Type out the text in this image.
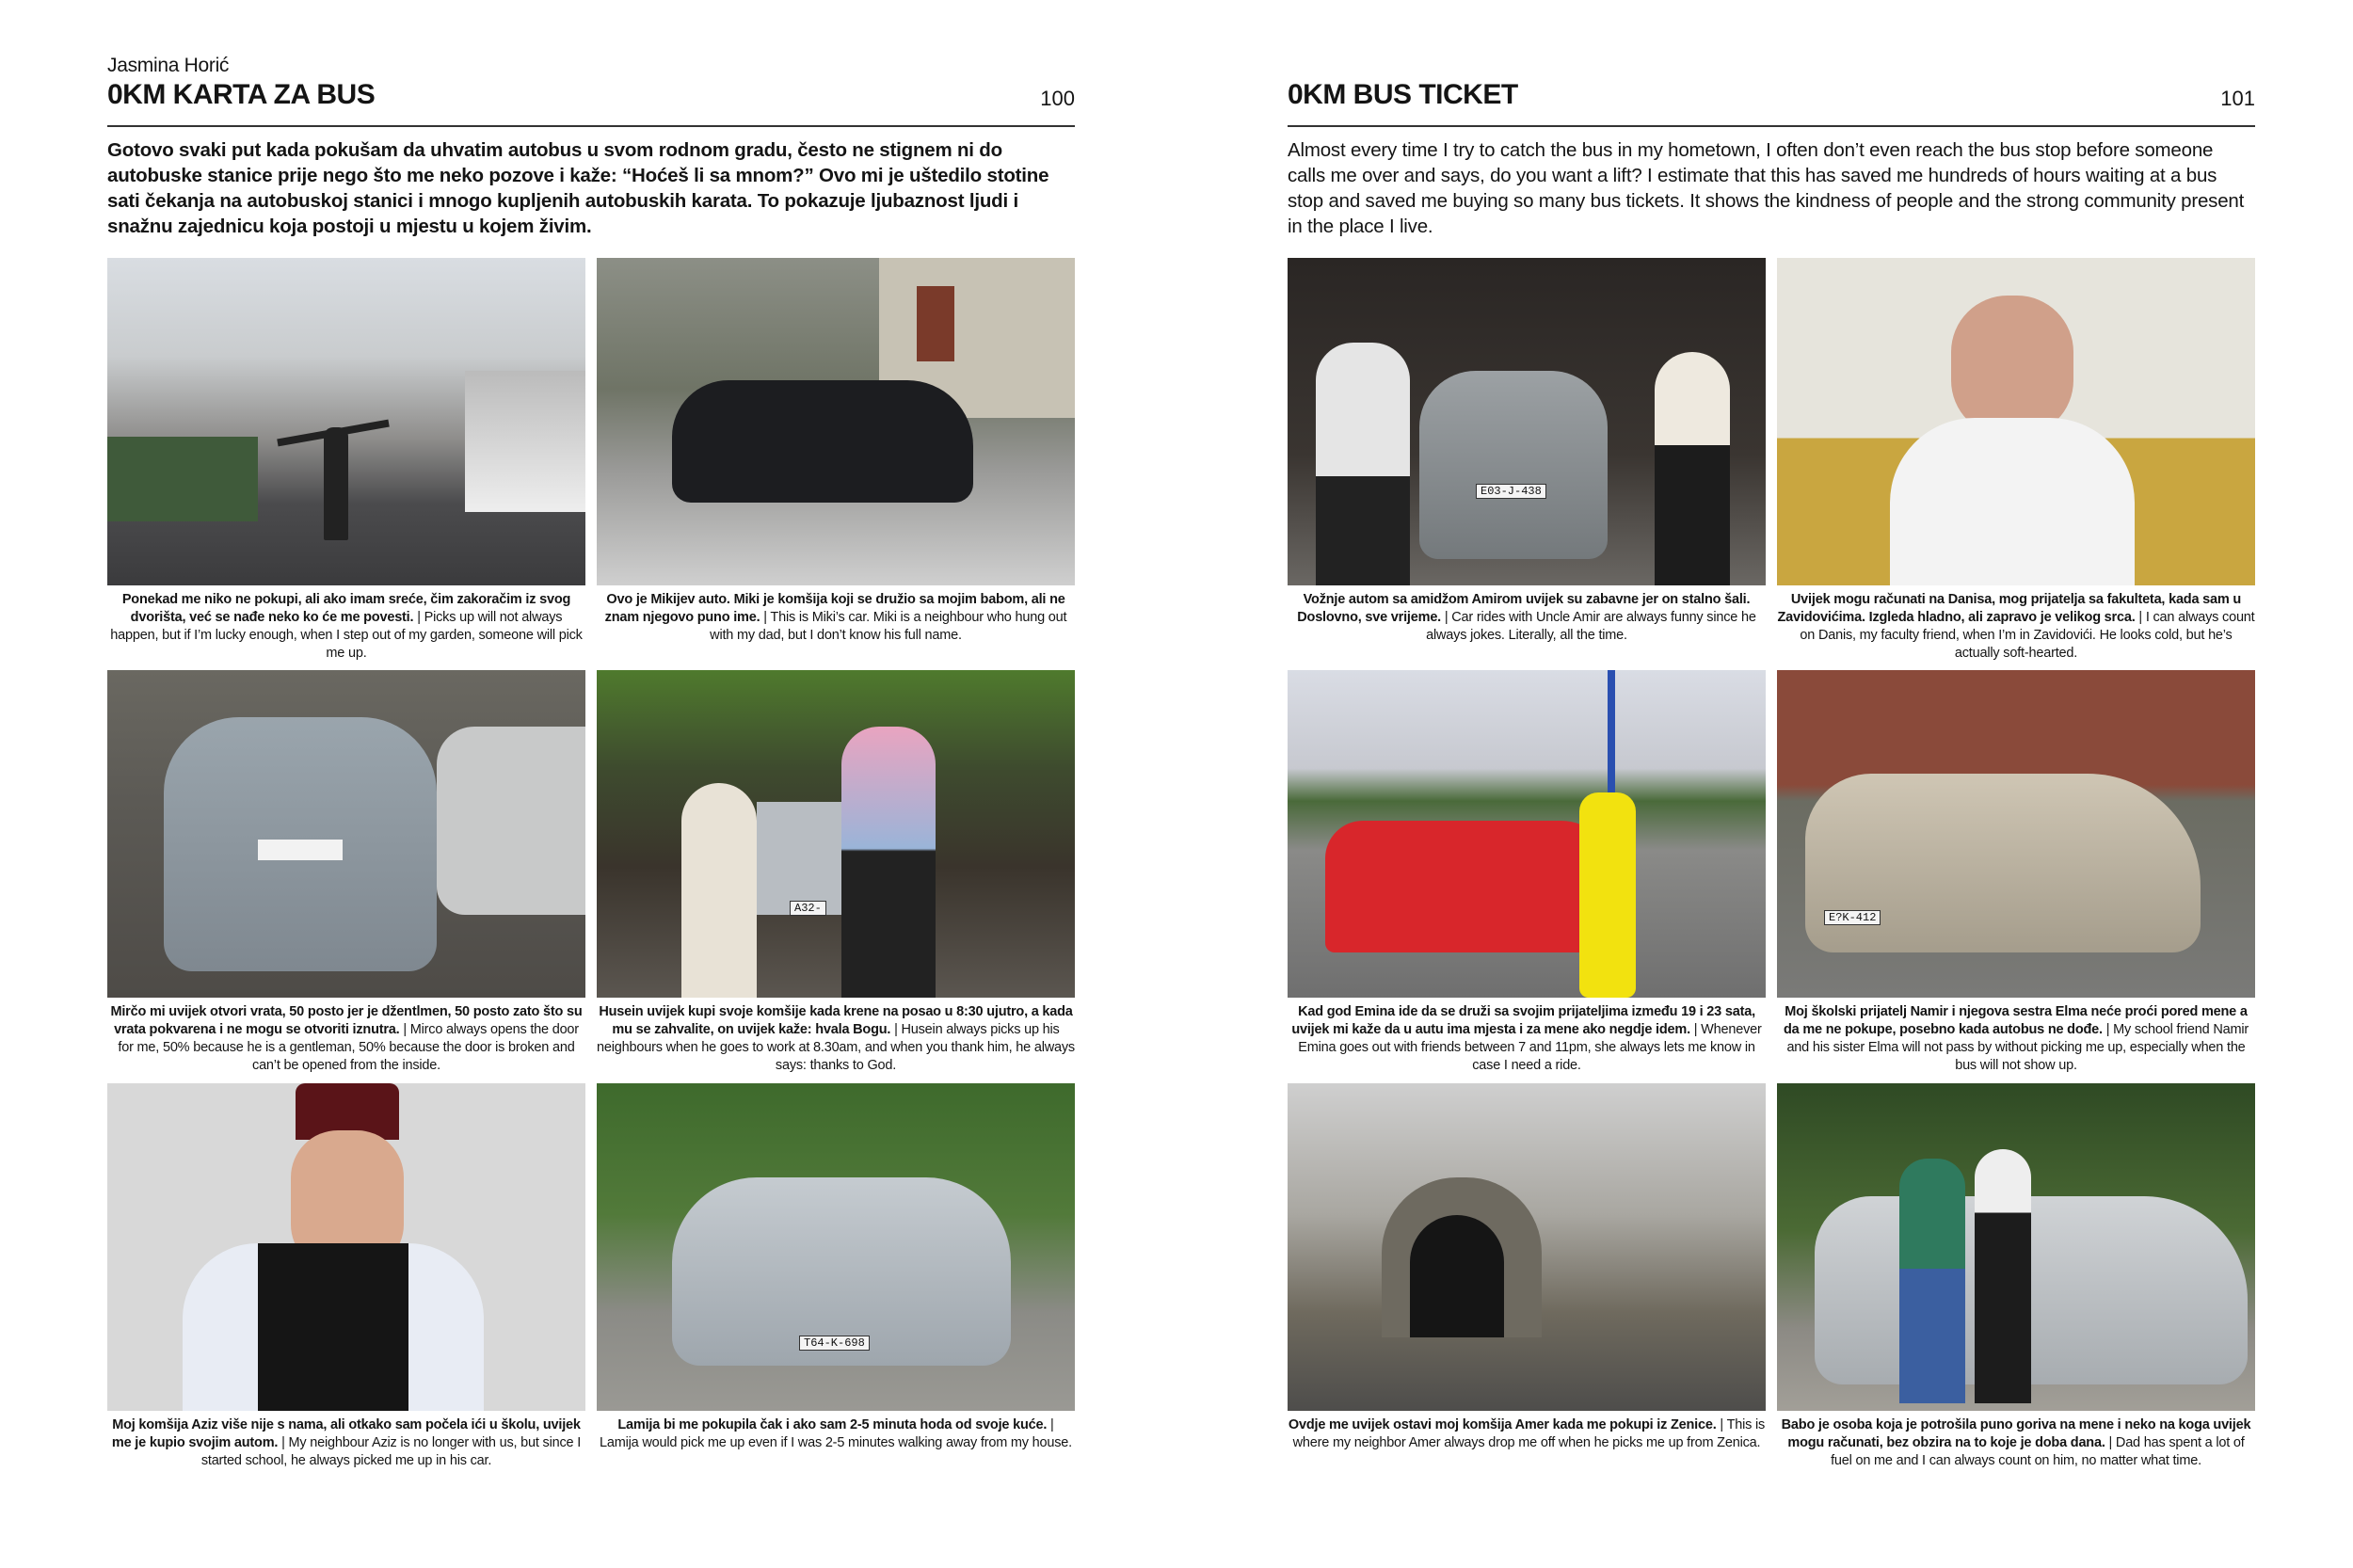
Jasmina Horić
0KM KARTA ZA BUS	100
Gotovo svaki put kada pokušam da uhvatim autobus u svom rodnom gradu, često ne stignem ni do autobuske stanice prije nego što me neko pozove i kaže: “Hoćeš li sa mnom?” Ovo mi je uštedilo stotine sati čekanja na autobuskoj stanici i mnogo kupljenih autobuskih karata. To pokazuje ljubaznost ljudi i snažnu zajednicu koja postoji u mjestu u kojem živim.
Ponekad me niko ne pokupi, ali ako imam sreće, čim zakoračim iz svog dvorišta, već se nađe neko ko će me povesti. | Picks up will not always happen, but if I’m lucky enough, when I step out of my garden, someone will pick me up.
Ovo je Mikijev auto. Miki je komšija koji se družio sa mojim babom, ali ne znam njegovo puno ime. | This is Miki’s car. Miki is a neighbour who hung out with my dad, but I don’t know his full name.
Mirčo mi uvijek otvori vrata, 50 posto jer je džentlmen, 50 posto zato što su vrata pokvarena i ne mogu se otvoriti iznutra. | Mirco always opens the door for me, 50% because he is a gentleman, 50% because the door is broken and can’t be opened from the inside.
A32-
Husein uvijek kupi svoje komšije kada krene na posao u 8:30 ujutro, a kada mu se zahvalite, on uvijek kaže: hvala Bogu. | Husein always picks up his neighbours when he goes to work at 8.30am, and when you thank him, he always says: thanks to God.
Moj komšija Aziz više nije s nama, ali otkako sam počela ići u školu, uvijek me je kupio svojim autom. | My neighbour Aziz is no longer with us, but since I started school, he always picked me up in his car.
T64-K-698
Lamija bi me pokupila čak i ako sam 2-5 minuta hoda od svoje kuće. | Lamija would pick me up even if I was 2-5 minutes walking away from my house.
0KM BUS TICKET	101
Almost every time I try to catch the bus in my hometown, I often don’t even reach the bus stop before someone calls me over and says, do you want a lift? I estimate that this has saved me hundreds of hours waiting at a bus stop and saved me buying so many bus tickets. It shows the kindness of people and the strong community present in the place I live.
E03-J-438
Vožnje autom sa amidžom Amirom uvijek su zabavne jer on stalno šali. Doslovno, sve vrijeme. | Car rides with Uncle Amir are always funny since he always jokes. Literally, all the time.
Uvijek mogu računati na Danisa, mog prijatelja sa fakulteta, kada sam u Zavidovićima. Izgleda hladno, ali zapravo je velikog srca. | I can always count on Danis, my faculty friend, when I’m in Zavidovići. He looks cold, but he’s actually soft-hearted.
Kad god Emina ide da se druži sa svojim prijateljima između 19 i 23 sata, uvijek mi kaže da u autu ima mjesta i za mene ako negdje idem. | Whenever Emina goes out with friends between 7 and 11pm, she always lets me know in case I need a ride.
E?K-412
Moj školski prijatelj Namir i njegova sestra Elma neće proći pored mene a da me ne pokupe, posebno kada autobus ne dođe. | My school friend Namir and his sister Elma will not pass by without picking me up, especially when the bus will not show up.
Ovdje me uvijek ostavi moj komšija Amer kada me pokupi iz Zenice. | This is where my neighbor Amer always drop me off when he picks me up from Zenica.
Babo je osoba koja je potrošila puno goriva na mene i neko na koga uvijek mogu računati, bez obzira na to koje je doba dana. | Dad has spent a lot of fuel on me and I can always count on him, no matter what time.
